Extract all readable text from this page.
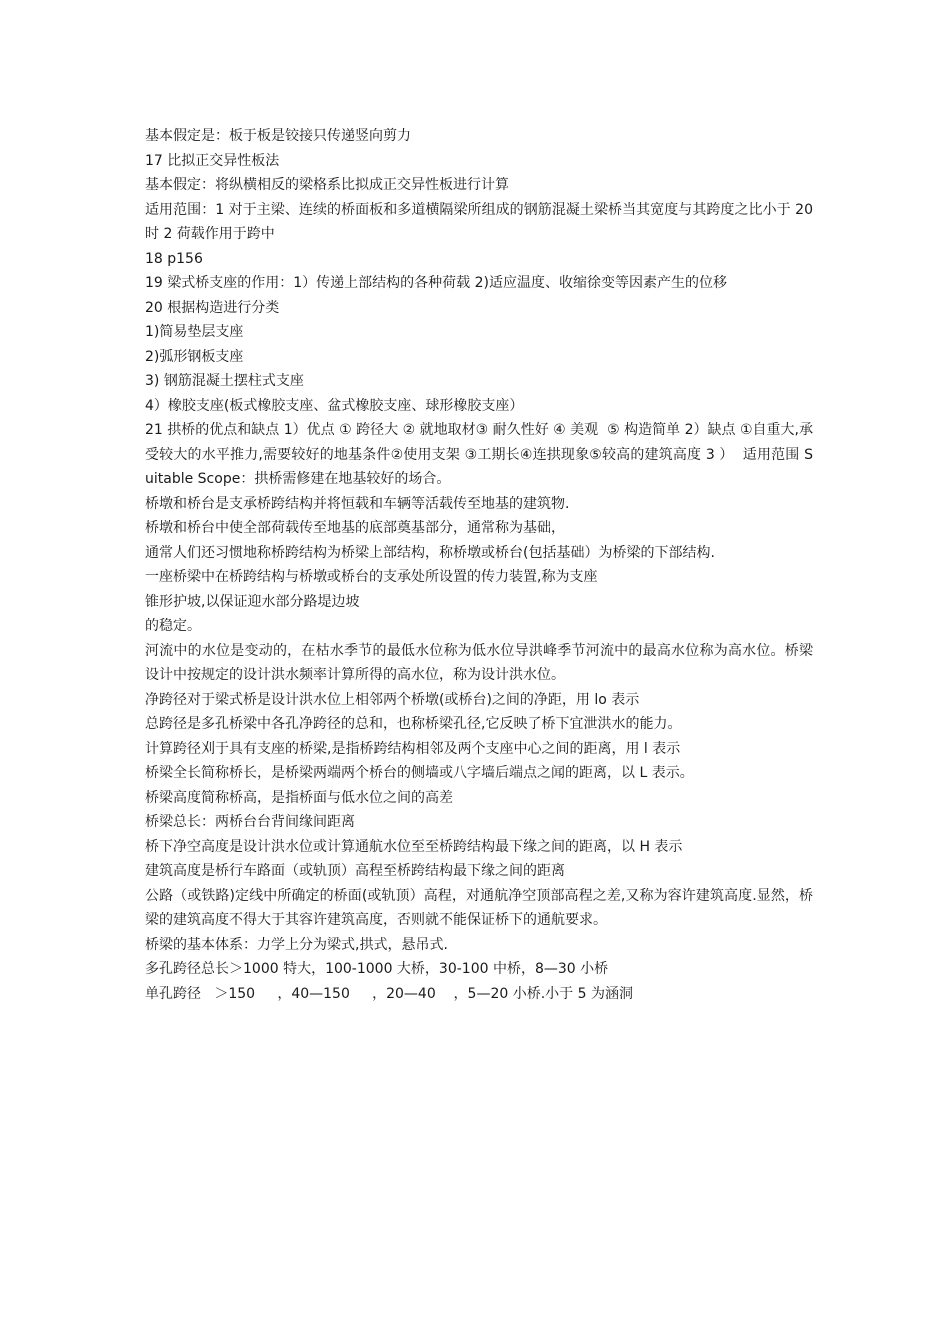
基本假定是：板于板是铰接只传递竖向剪力

17 比拟正交异性板法

基本假定：将纵横相反的梁格系比拟成正交异性板进行计算

适用范围：1 对于主梁、连续的桥面板和多道横隔梁所组成的钢筋混凝土梁桥当其宽度与其跨度之比小于 20 时 2 荷载作用于跨中

18 p156

19 梁式桥支座的作用：1）传递上部结构的各种荷载 2)适应温度、收缩徐变等因素产生的位移

20 根据构造进行分类

1)简易垫层支座

2)弧形钢板支座

3) 钢筋混凝土摆柱式支座

4）橡胶支座(板式橡胶支座、盆式橡胶支座、球形橡胶支座）

21 拱桥的优点和缺点 1）优点 ① 跨径大 ② 就地取材③ 耐久性好 ④ 美观  ⑤ 构造简单 2）缺点 ①自重大,承受较大的水平推力,需要较好的地基条件②使用支架 ③工期长④连拱现象⑤较高的建筑高度 3 ）  适用范围 Suitable Scope：拱桥需修建在地基较好的场合。

桥墩和桥台是支承桥跨结构并将恒载和车辆等活载传至地基的建筑物.

桥墩和桥台中使全部荷载传至地基的底部奠基部分，通常称为基础，

通常人们还习惯地称桥跨结构为桥梁上部结构，称桥墩或桥台(包括基础）为桥梁的下部结构.

一座桥梁中在桥跨结构与桥墩或桥台的支承处所设置的传力装置,称为支座

锥形护坡,以保证迎水部分路堤边坡

的稳定。

河流中的水位是变动的，在枯水季节的最低水位称为低水位导洪峰季节河流中的最高水位称为高水位。桥梁设计中按规定的设计洪水频率计算所得的高水位，称为设计洪水位。

净跨径对于梁式桥是设计洪水位上相邻两个桥墩(或桥台)之间的净距，用 lo 表示

总跨径是多孔桥梁中各孔净跨径的总和，也称桥梁孔径,它反映了桥下宜泄洪水的能力。

计算跨径刈于具有支座的桥梁,是指桥跨结构相邻及两个支座中心之间的距离，用 l 表示

桥梁全长简称桥长，是桥梁两端两个桥台的侧墙或八字墙后端点之闻的距离，以 L 表示。

桥梁高度简称桥高，是指桥面与低水位之间的高差

桥梁总长：两桥台台背间缘间距离

桥下净空高度是设计洪水位或计算通航水位至至桥跨结构最下缘之间的距离，以 H 表示

建筑高度是桥行车路面（或轨顶）高程至桥跨结构最下缘之间的距离

公路（或铁路)定线中所确定的桥面(或轨顶）高程，对通航净空顶部高程之差,又称为容许建筑高度.显然，桥梁的建筑高度不得大于其容许建筑高度，否则就不能保证桥下的通航要求。

桥梁的基本体系：力学上分为梁式,拱式，悬吊式.

多孔跨径总长＞1000 特大，100-1000 大桥，30-100 中桥，8—30 小桥

单孔跨径   ＞150     ，40—150     ，20—40    ，5—20 小桥.小于 5 为涵洞
